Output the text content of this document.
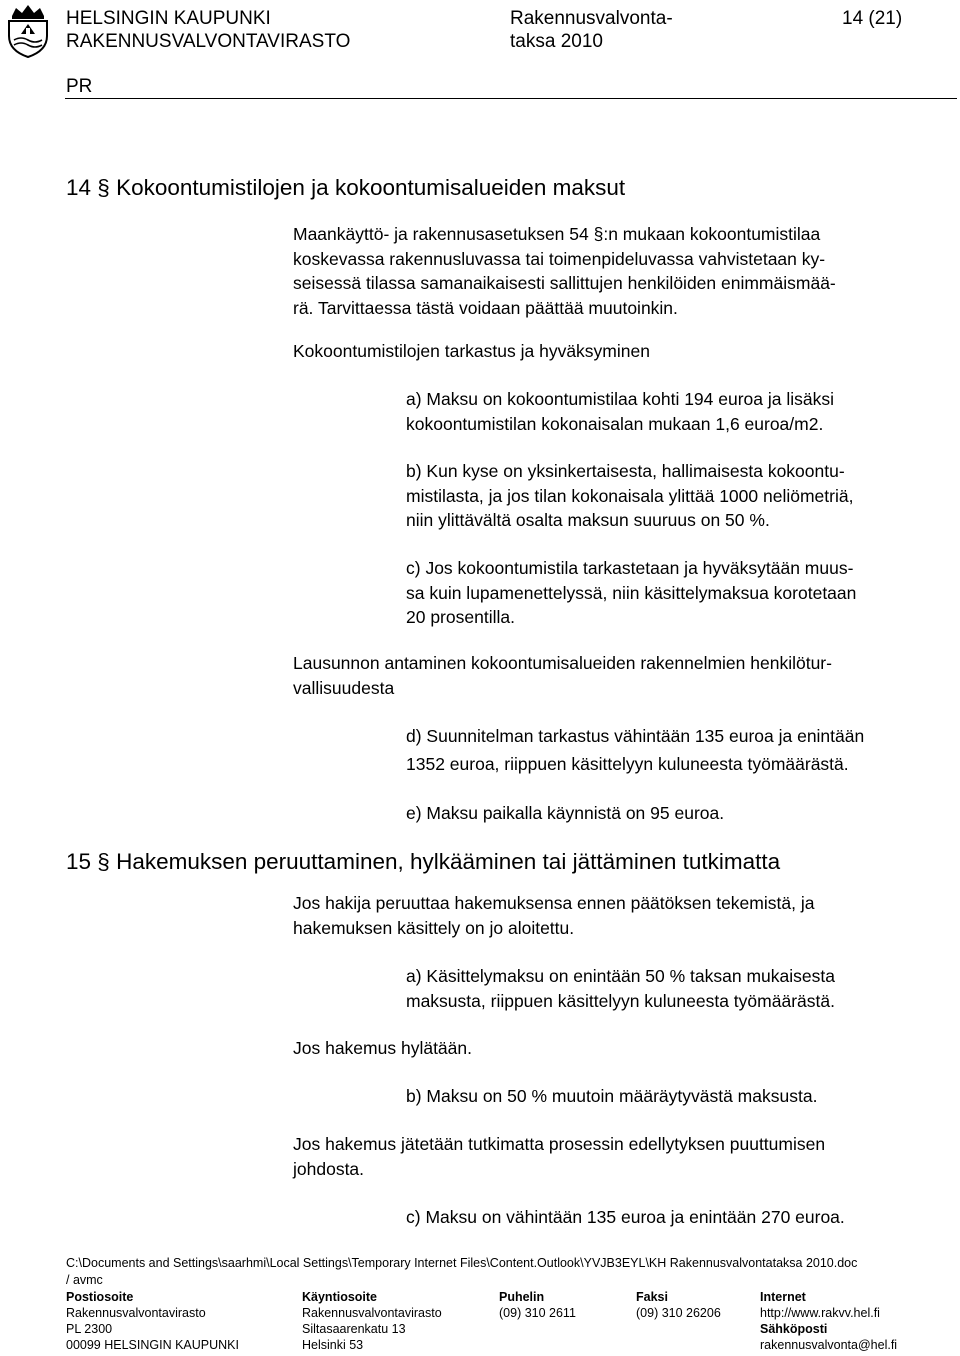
HELSINGIN KAUPUNKI
RAKENNUSVALVONTAVIRASTO
Rakennusvalvonta-
taksa 2010
14 (21)
PR
14 § Kokoontumistilojen ja kokoontumisalueiden maksut
Maankäyttö- ja rakennusasetuksen 54 §:n mukaan kokoontumistilaa
koskevassa rakennusluvassa tai toimenpideluvassa vahvistetaan ky-
seisessä tilassa samanaikaisesti sallittujen henkilöiden enimmäismää-
rä. Tarvittaessa tästä voidaan päättää muutoinkin.
Kokoontumistilojen tarkastus ja hyväksyminen
a) Maksu on kokoontumistilaa kohti 194 euroa ja lisäksi
kokoontumistilan kokonaisalan mukaan 1,6 euroa/m2.
b) Kun kyse on yksinkertaisesta, hallimaisesta kokoontu-
mistilasta, ja jos tilan kokonaisala ylittää 1000 neliömetriä,
niin ylittävältä osalta maksun suuruus on 50 %.
c) Jos kokoontumistila tarkastetaan ja hyväksytään muus-
sa kuin lupamenettelyssä, niin käsittelymaksua korotetaan
20 prosentilla.
Lausunnon antaminen kokoontumisalueiden rakennelmien henkilötur-
vallisuudesta
d) Suunnitelman tarkastus vähintään 135 euroa ja enintään
1352 euroa, riippuen käsittelyyn kuluneesta työmäärästä.
e) Maksu paikalla käynnistä on 95 euroa.
15 § Hakemuksen peruuttaminen, hylkääminen tai jättäminen tutkimatta
Jos hakija peruuttaa hakemuksensa ennen päätöksen tekemistä, ja
hakemuksen käsittely on jo aloitettu.
a) Käsittelymaksu on enintään 50 % taksan mukaisesta
maksusta, riippuen käsittelyyn kuluneesta työmäärästä.
Jos hakemus hylätään.
b) Maksu on 50 % muutoin määräytyvästä maksusta.
Jos hakemus jätetään tutkimatta prosessin edellytyksen puuttumisen
johdosta.
c) Maksu on vähintään 135 euroa ja enintään 270 euroa.
C:\Documents and Settings\saarhmi\Local Settings\Temporary Internet Files\Content.Outlook\YVJB3EYL\KH Rakennusvalvontataksa 2010.doc
/ avmc
Postiosoite
Rakennusvalvontavirasto
PL 2300
00099 HELSINGIN KAUPUNKI
Käyntiosoite
Rakennusvalvontavirasto
Siltasaarenkatu 13
Helsinki 53
Puhelin
(09) 310 2611
Faksi
(09) 310 26206
Internet
http://www.rakvv.hel.fi
Sähköposti
rakennusvalvonta@hel.fi
